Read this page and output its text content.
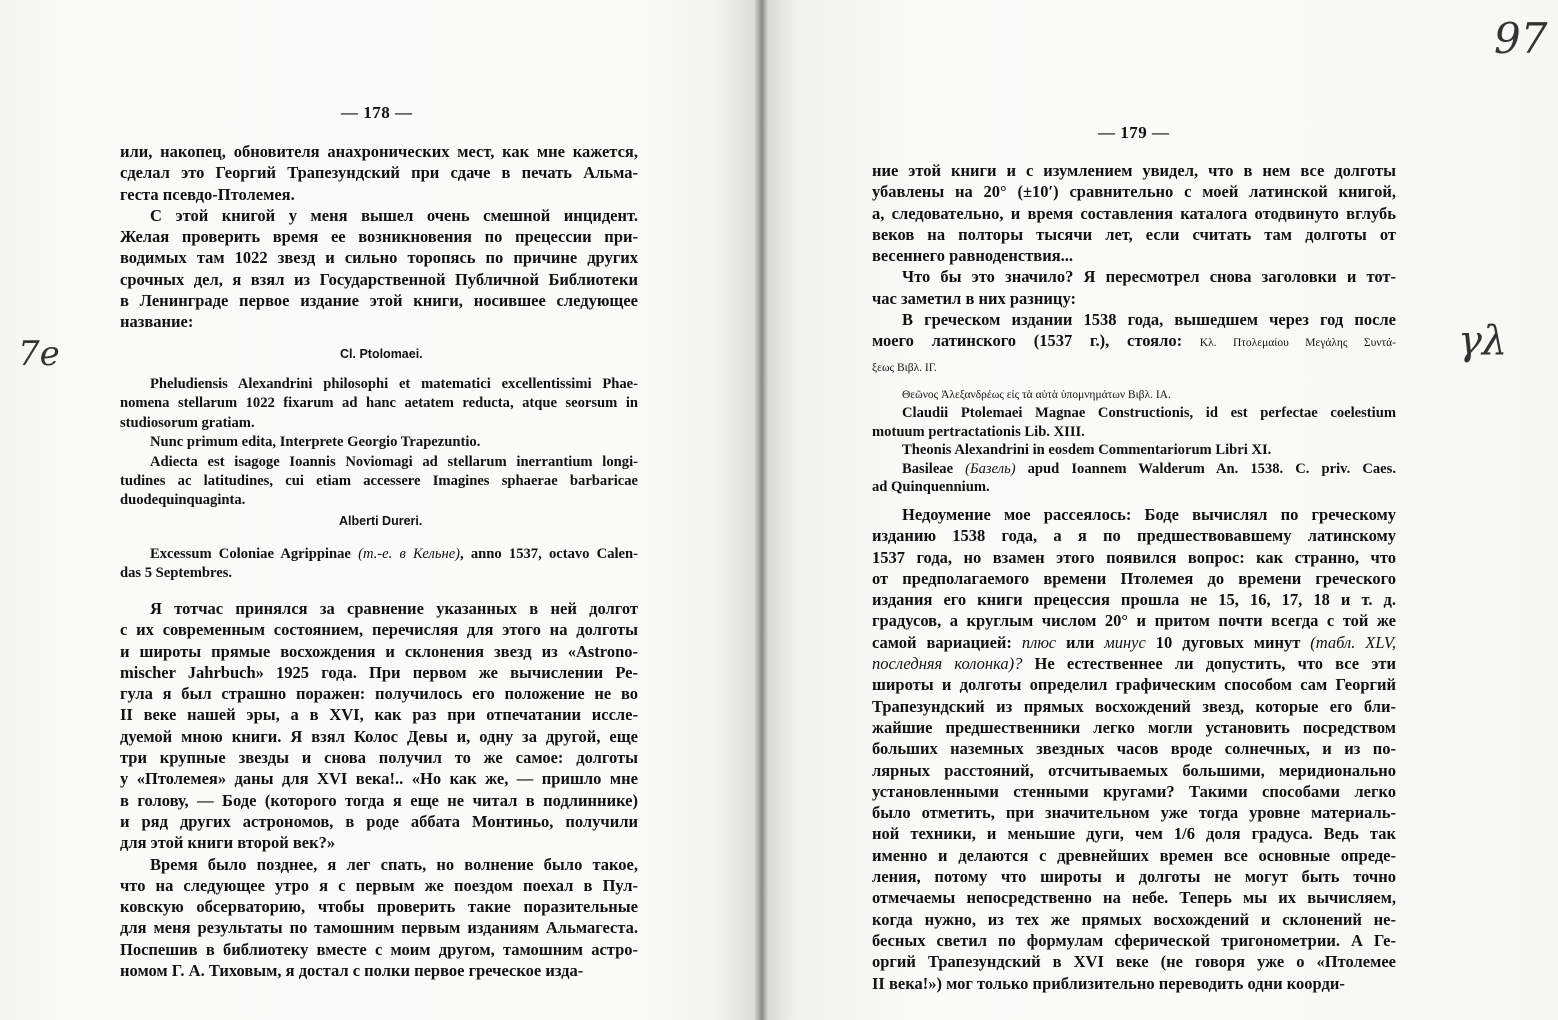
— 178 —
или, накопец, обновителя анахронических мест, как мне кажется,
сделал это Георгий Трапезундский при сдаче в печать Альма-
геста псевдо-Птолемея.
С этой книгой у меня вышел очень смешной инцидент.
Желая проверить время ее возникновения по прецессии при-
водимых там 1022 звезд и сильно торопясь по причине других
срочных дел, я взял из Государственной Публичной Библиотеки
в Ленинграде первое издание этой книги, носившее следующее
название:
Cl. Ptolomaei.
Pheludiensis Alexandrini philosophi et matematici excellentissimi Phae-
nomena stellarum 1022 fixarum ad hanc aetatem reducta, atque seorsum in
studiosorum gratiam.
Nunc primum edita, Interprete Georgio Trapezuntio.
Adiecta est isagoge Ioannis Noviomagi ad stellarum inerrantium longi-
tudines ac latitudines, cui etiam accessere Imagines sphaerae barbaricae
duodequinquaginta.
Alberti Dureri.
Excessum Coloniae Agrippinae (т.-е. в Кельне), anno 1537, octavo Calen-
das 5 Septembres.
Я тотчас принялся за сравнение указанных в ней долгот
с их современным состоянием, перечисляя для этого на долготы
и широты прямые восхождения и склонения звезд из «Astrono-
mischer Jahrbuch» 1925 года. При первом же вычислении Ре-
гула я был страшно поражен: получилось его положение не во
II веке нашей эры, а в XVI, как раз при отпечатании иссле-
дуемой мною книги. Я взял Колос Девы и, одну за другой, еще
три крупные звезды и снова получил то же самое: долготы
у «Птолемея» даны для XVI века!.. «Но как же, — пришло мне
в голову, — Боде (которого тогда я еще не читал в подлиннике)
и ряд других астрономов, в роде аббата Монтиньо, получили
для этой книги второй век?»
Время было позднее, я лег спать, но волнение было такое,
что на следующее утро я с первым же поездом поехал в Пул-
ковскую обсерваторию, чтобы проверить такие поразительные
для меня результаты по тамошним первым изданиям Альмагеста.
Поспешив в библиотеку вместе с моим другом, тамошним астро-
номом Г. А. Тиховым, я достал с полки первое греческое изда-
— 179 —
ние этой книги и с изумлением увидел, что в нем все долготы
убавлены на 20° (±10′) сравнительно с моей латинской книгой,
а, следовательно, и время составления каталога отодвинуто вглубь
веков на полторы тысячи лет, если считать там долготы от
весеннего равноденствия...
Что бы это значило? Я пересмотрел снова заголовки и тот-
час заметил в них разницу:
В греческом издании 1538 года, вышедшем через год после
моего латинского (1537 г.), стояло: Κλ. Πτολεμαίου Μεγάλης Συντά-
ξεως Βιβλ. ΙΓ.
Θεῶνος Ἀλεξανδρέως εἰς τὰ αὐτὰ ὑπομνημάτων Βιβλ. ΙΑ.
Claudii Ptolemaei Magnae Constructionis, id est perfectae coelestium
motuum pertractationis Lib. XIII.
Theonis Alexandrini in eosdem Commentariorum Libri XI.
Basileae (Базель) apud Ioannem Walderum An. 1538. C. priv. Caes.
ad Quinquennium.
Недоумение мое рассеялось: Боде вычислял по греческому
изданию 1538 года, а я по предшествовавшему латинскому
1537 года, но взамен этого появился вопрос: как странно, что
от предполагаемого времени Птолемея до времени греческого
издания его книги прецессия прошла не 15, 16, 17, 18 и т. д.
градусов, а круглым числом 20° и притом почти всегда с той же
самой вариацией: плюс или минус 10 дуговых минут (табл. XLV,
последняя колонка)? Не естественнее ли допустить, что все эти
широты и долготы определил графическим способом сам Георгий
Трапезундский из прямых восхождений звезд, которые его бли-
жайшие предшественники легко могли установить посредством
больших наземных звездных часов вроде солнечных, и из по-
лярных расстояний, отсчитываемых большими, меридионально
установленными стенными кругами? Такими способами легко
было отметить, при значительном уже тогда уровне материаль-
ной техники, и меньшие дуги, чем 1/6 доля градуса. Ведь так
именно и делаются с древнейших времен все основные опреде-
ления, потому что широты и долготы не могут быть точно
отмечаемы непосредственно на небе. Теперь мы их вычисляем,
когда нужно, из тех же прямых восхождений и склонений не-
бесных светил по формулам сферической тригонометрии. А Ге-
оргий Трапезундский в XVI веке (не говоря уже о «Птолемее
II века!») мог только приблизительно переводить одни коорди-
7e
97
γλ
